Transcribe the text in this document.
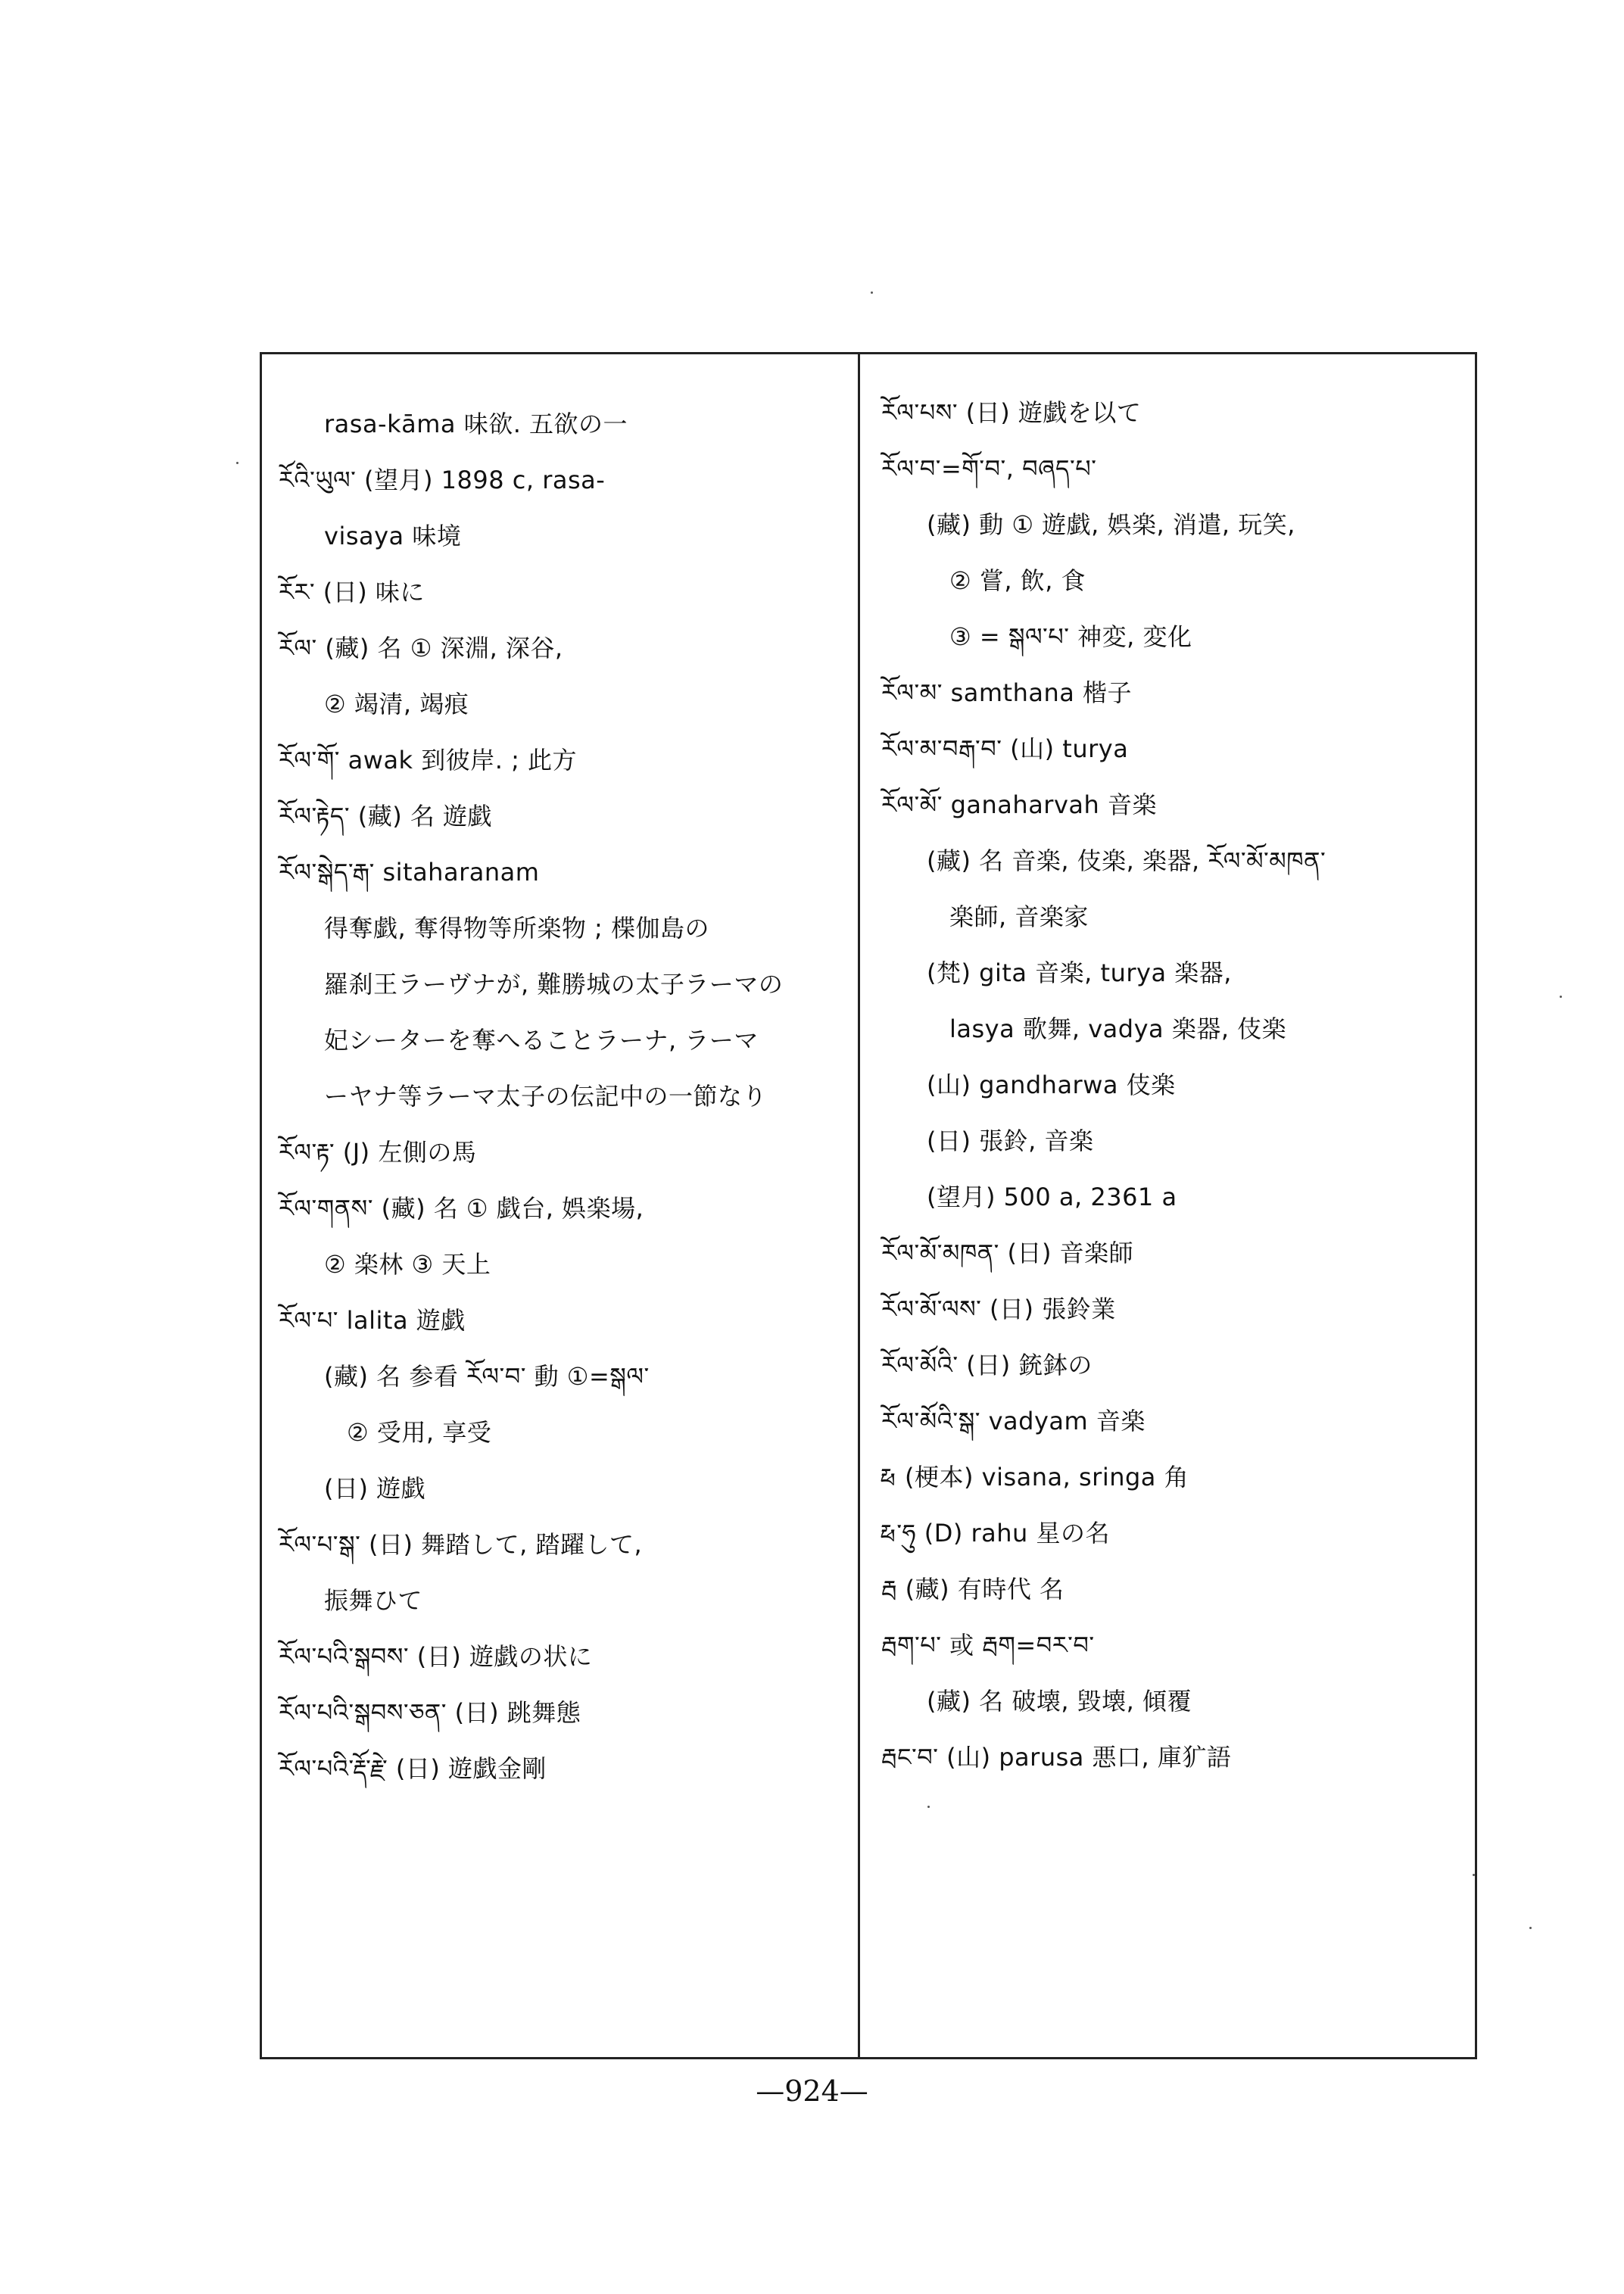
rasa-kāma 味欲. 五欲の一
རོའི་ཡུལ་ (望月) 1898 c, rasa-
visaya 味境
རོར་ (日) 味に
རོལ་ (藏) 名 ① 深淵, 深谷,
② 竭清, 竭痕
རོལ་གོ་ awak 到彼岸. ; 此方
རོལ་རྟེད་ (藏) 名 遊戯
རོལ་སྒེད་རྒ་ sitaharanam
得奪戯, 奪得物等所楽物 ; 楪伽島の
羅刹王ラーヴナが, 難勝城の太子ラーマの
妃シーターを奪へることラーナ, ラーマ
ーヤナ等ラーマ太子の伝記中の一節なり
རོལ་རྟ་ (J) 左側の馬
རོལ་གནས་ (藏) 名 ① 戯台, 娯楽場,
② 楽林 ③ 天上
རོལ་པ་ lalita 遊戯
(藏) 名 参看 རོལ་བ་ 動 ①=སྒལ་
② 受用, 享受
(日) 遊戯
རོལ་པ་སྒ་ (日) 舞踏して, 踏躍して,
振舞ひて
རོལ་པའི་སྒབས་ (日) 遊戯の状に
རོལ་པའི་སྒབས་ཅན་ (日) 跳舞態
རོལ་པའི་རྡོ་རྗེ་ (日) 遊戯金剛
རོལ་པས་ (日) 遊戯を以て
རོལ་བ་=གོ་བ་, བཞད་པ་
(藏) 動 ① 遊戯, 娯楽, 消遣, 玩笑,
② 嘗, 飲, 食
③ = སྒལ་པ་ 神変, 変化
རོལ་མ་ samthana 楷子
རོལ་མ་བརྒ་བ་ (山) turya
རོལ་མོ་ ganaharvah 音楽
(藏) 名 音楽, 伎楽, 楽器, རོལ་མོ་མཁན་
楽師, 音楽家
(梵) gita 音楽, turya 楽器,
lasya 歌舞, vadya 楽器, 伎楽
(山) gandharwa 伎楽
(日) 張鈴, 音楽
(望月) 500 a, 2361 a
རོལ་མོ་མཁན་ (日) 音楽師
རོལ་མོ་ལས་ (日) 張鈴業
རོལ་མོའི་ (日) 銃鉢の
རོལ་མོའི་སྒ་ vadyam 音楽
རྥ (梗本) visana, sringa 角
རྥ་ཧུ (D) rahu 星の名
རྦ (藏) 有時代 名
རྦག་པ་ 或 རྦག=བར་བ་
(藏) 名 破壊, 毀壊, 傾覆
རྦང་བ་ (山) parusa 悪口, 庫犷語
—924—
